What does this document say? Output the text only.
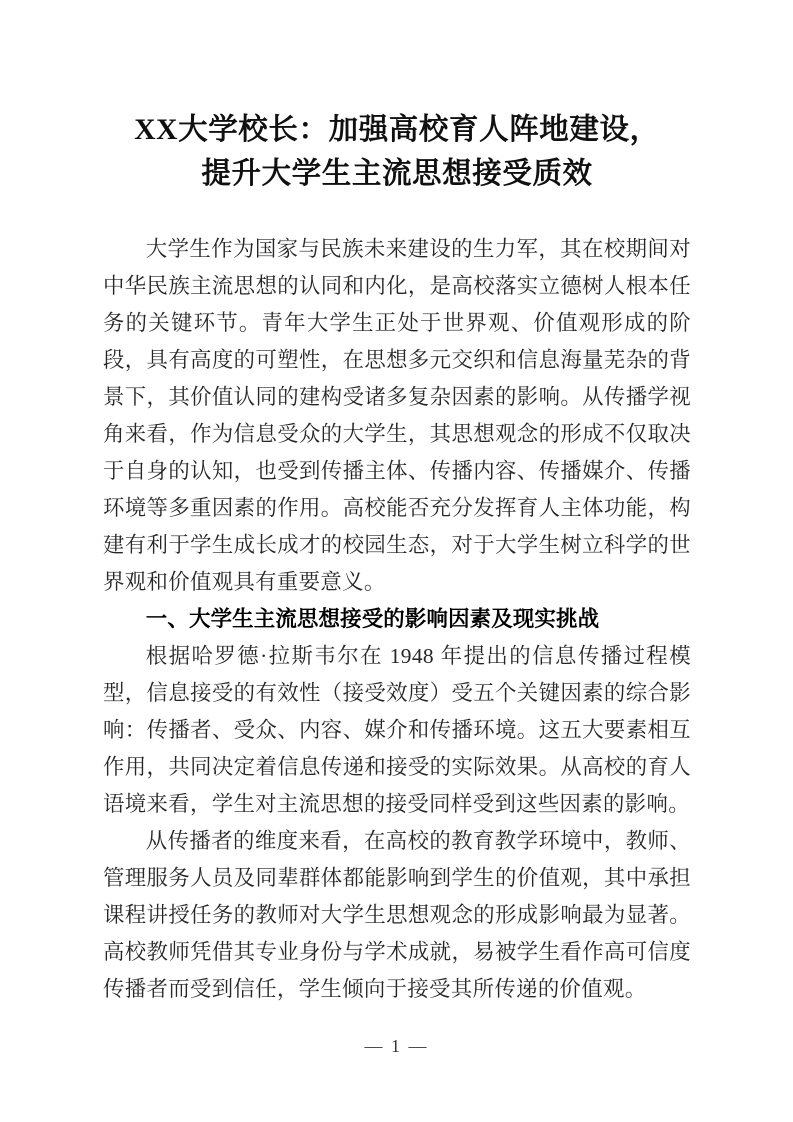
XX大学校长：加强高校育人阵地建设，
提升大学生主流思想接受质效

大学生作为国家与民族未来建设的生力军，其在校期间对中华民族主流思想的认同和内化，是高校落实立德树人根本任务的关键环节。青年大学生正处于世界观、价值观形成的阶段，具有高度的可塑性，在思想多元交织和信息海量芜杂的背景下，其价值认同的建构受诸多复杂因素的影响。从传播学视角来看，作为信息受众的大学生，其思想观念的形成不仅取决于自身的认知，也受到传播主体、传播内容、传播媒介、传播环境等多重因素的作用。高校能否充分发挥育人主体功能，构建有利于学生成长成才的校园生态，对于大学生树立科学的世界观和价值观具有重要意义。

一、大学生主流思想接受的影响因素及现实挑战

根据哈罗德·拉斯韦尔在 1948 年提出的信息传播过程模型，信息接受的有效性（接受效度）受五个关键因素的综合影响：传播者、受众、内容、媒介和传播环境。这五大要素相互作用，共同决定着信息传递和接受的实际效果。从高校的育人语境来看，学生对主流思想的接受同样受到这些因素的影响。

从传播者的维度来看，在高校的教育教学环境中，教师、管理服务人员及同辈群体都能影响到学生的价值观，其中承担课程讲授任务的教师对大学生思想观念的形成影响最为显著。高校教师凭借其专业身份与学术成就，易被学生看作高可信度传播者而受到信任，学生倾向于接受其所传递的价值观。

— 1 —
